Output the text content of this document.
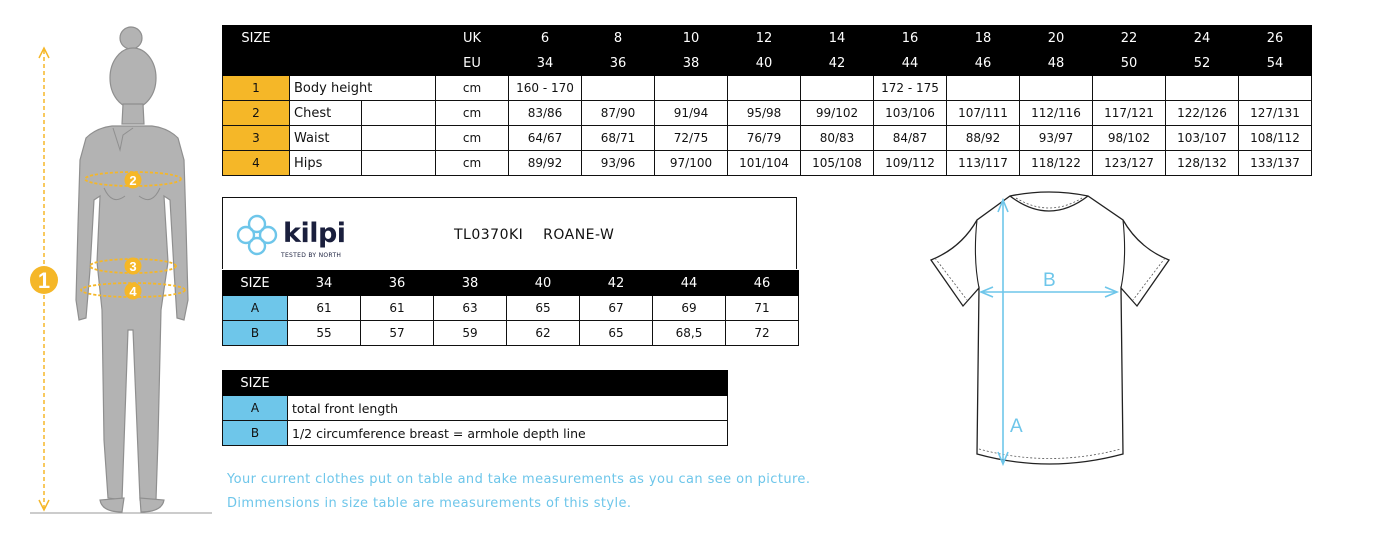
1
2
3
4
SIZE			UK	6	8	10	12	14	16	18	20	22	24	26
			EU	34	36	38	40	42	44	46	48	50	52	54
1	Body height		cm	160 - 170					172 - 175					
2	Chest		cm	83/86	87/90	91/94	95/98	99/102	103/106	107/111	112/116	117/121	122/126	127/131
3	Waist		cm	64/67	68/71	72/75	76/79	80/83	84/87	88/92	93/97	98/102	103/107	108/112
4	Hips		cm	89/92	93/96	97/100	101/104	105/108	109/112	113/117	118/122	123/127	128/132	133/137
kilpi
TESTED BY NORTH
TL0370KI ROANE-W
SIZE	34	36	38	40	42	44	46
A	61	61	63	65	67	69	71
B	55	57	59	62	65	68,5	72
SIZE	
A	total front length
B	1/2 circumference breast = armhole depth line
Your current clothes put on table and take measurements as you can see on picture.
Dimmensions in size table are measurements of this style.
A
B
